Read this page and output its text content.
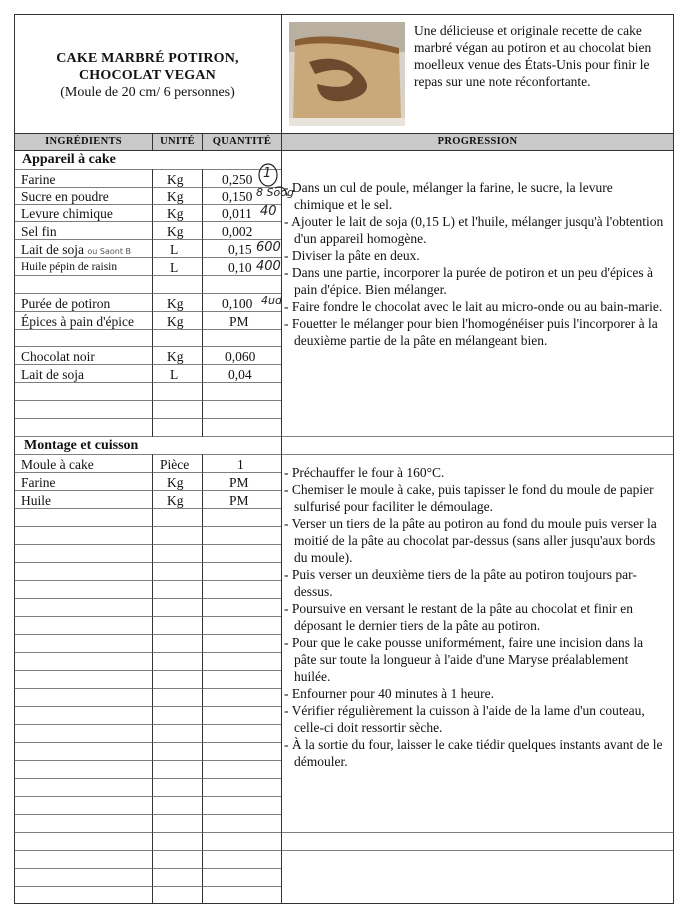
CAKE MARBRÉ POTIRON,
CHOCOLAT VEGAN
(Moule de 20 cm/ 6 personnes)
Une délicieuse et originale recette de cake marbré végan au potiron et au chocolat bien moelleux venue des États-Unis pour finir le repas sur une note réconfortante.
INGRÉDIENTS	UNITÉ	QUANTITÉ	PROGRESSION
Appareil à cake
Farine	Kg	0,250 1
Sucre en poudre	Kg	0,150 8 Soog
Levure chimique	Kg	0,011 40
Sel fin	Kg	0,002
Lait de soja ou Saont B	L	0,15 600
Huile pépin de raisin	L	0,10 400
Purée de potiron	Kg	0,100 4ud
Épices à pain d'épice Kg	PM
Chocolat noir	Kg	0,060
Lait de soja	L	0,04
- Dans un cul de poule, mélanger la farine, le sucre, la levure chimique et le sel.
- Ajouter le lait de soja (0,15 L) et l'huile, mélanger jusqu'à l'obtention d'un appareil homogène.
- Diviser la pâte en deux.
- Dans une partie, incorporer la purée de potiron et un peu d'épices à pain d'épice. Bien mélanger.
- Faire fondre le chocolat avec le lait au micro-onde ou au bain-marie.
- Fouetter le mélanger pour bien l'homogénéiser puis l'incorporer à la deuxième partie de la pâte en mélangeant bien.
Montage et cuisson
Moule à cake	Pièce	1
Farine	Kg	PM
Huile	Kg	PM
- Préchauffer le four à 160°C.
- Chemiser le moule à cake, puis tapisser le fond du moule de papier sulfurisé pour faciliter le démoulage.
- Verser un tiers de la pâte au potiron au fond du moule puis verser la moitié de la pâte au chocolat par-dessus (sans aller jusqu'aux bords du moule).
- Puis verser un deuxième tiers de la pâte au potiron toujours par-dessus.
- Poursuive en versant le restant de la pâte au chocolat et finir en déposant le dernier tiers de la pâte au potiron.
- Pour que le cake pousse uniformément, faire une incision dans la pâte sur toute la longueur à l'aide d'une Maryse préalablement huilée.
- Enfourner pour 40 minutes à 1 heure.
- Vérifier régulièrement la cuisson à l'aide de la lame d'un couteau, celle-ci doit ressortir sèche.
- À la sortie du four, laisser le cake tiédir quelques instants avant de le démouler.
